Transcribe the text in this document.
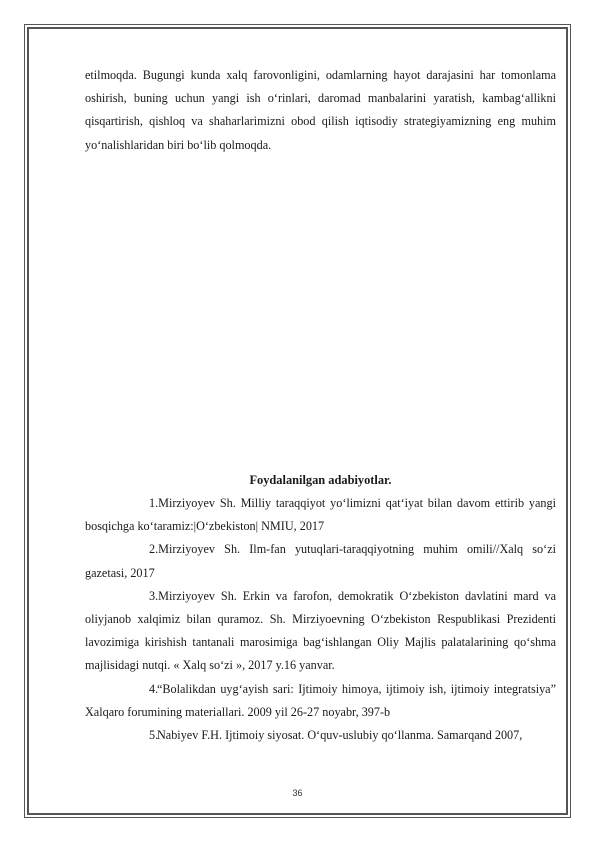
etilmoqda. Bugungi kunda xalq farovonligini, odamlarning hayot darajasini har tomonlama oshirish, buning uchun yangi ish o‘rinlari, daromad manbalarini yaratish, kambag‘allikni qisqartirish, qishloq va shaharlarimizni obod qilish iqtisodiy strategiyamizning eng muhim yo‘nalishlaridan biri bo‘lib qolmoqda.

Foydalanilgan adabiyotlar.

1.Mirziyoyev Sh. Milliy taraqqiyot yo‘limizni qat‘iyat bilan davom ettirib yangi bosqichga ko‘taramiz:|O‘zbekiston| NMIU, 2017

2.Mirziyoyev Sh. Ilm-fan yutuqlari-taraqqiyotning muhim omili//Xalq so‘zi gazetasi, 2017

3.Mirziyoyev Sh. Erkin va farofon, demokratik O‘zbekiston davlatini mard va oliyjanob xalqimiz bilan quramoz. Sh. Mirziyoevning O‘zbekiston Respublikasi Prezidenti lavozimiga kirishish tantanali marosimiga bag‘ishlangan Oliy Majlis palatalarining qo‘shma majlisidagi nutqi. « Xalq so‘zi », 2017 y.16 yanvar.

4.“Bolalikdan uyg‘ayish sari: Ijtimoiy himoya, ijtimoiy ish, ijtimoiy integratsiya” Xalqaro forumining materiallari. 2009 yil 26-27 noyabr, 397-b

5.Nabiyev F.H. Ijtimoiy siyosat. O‘quv-uslubiy qo‘llanma. Samarqand 2007,

36
